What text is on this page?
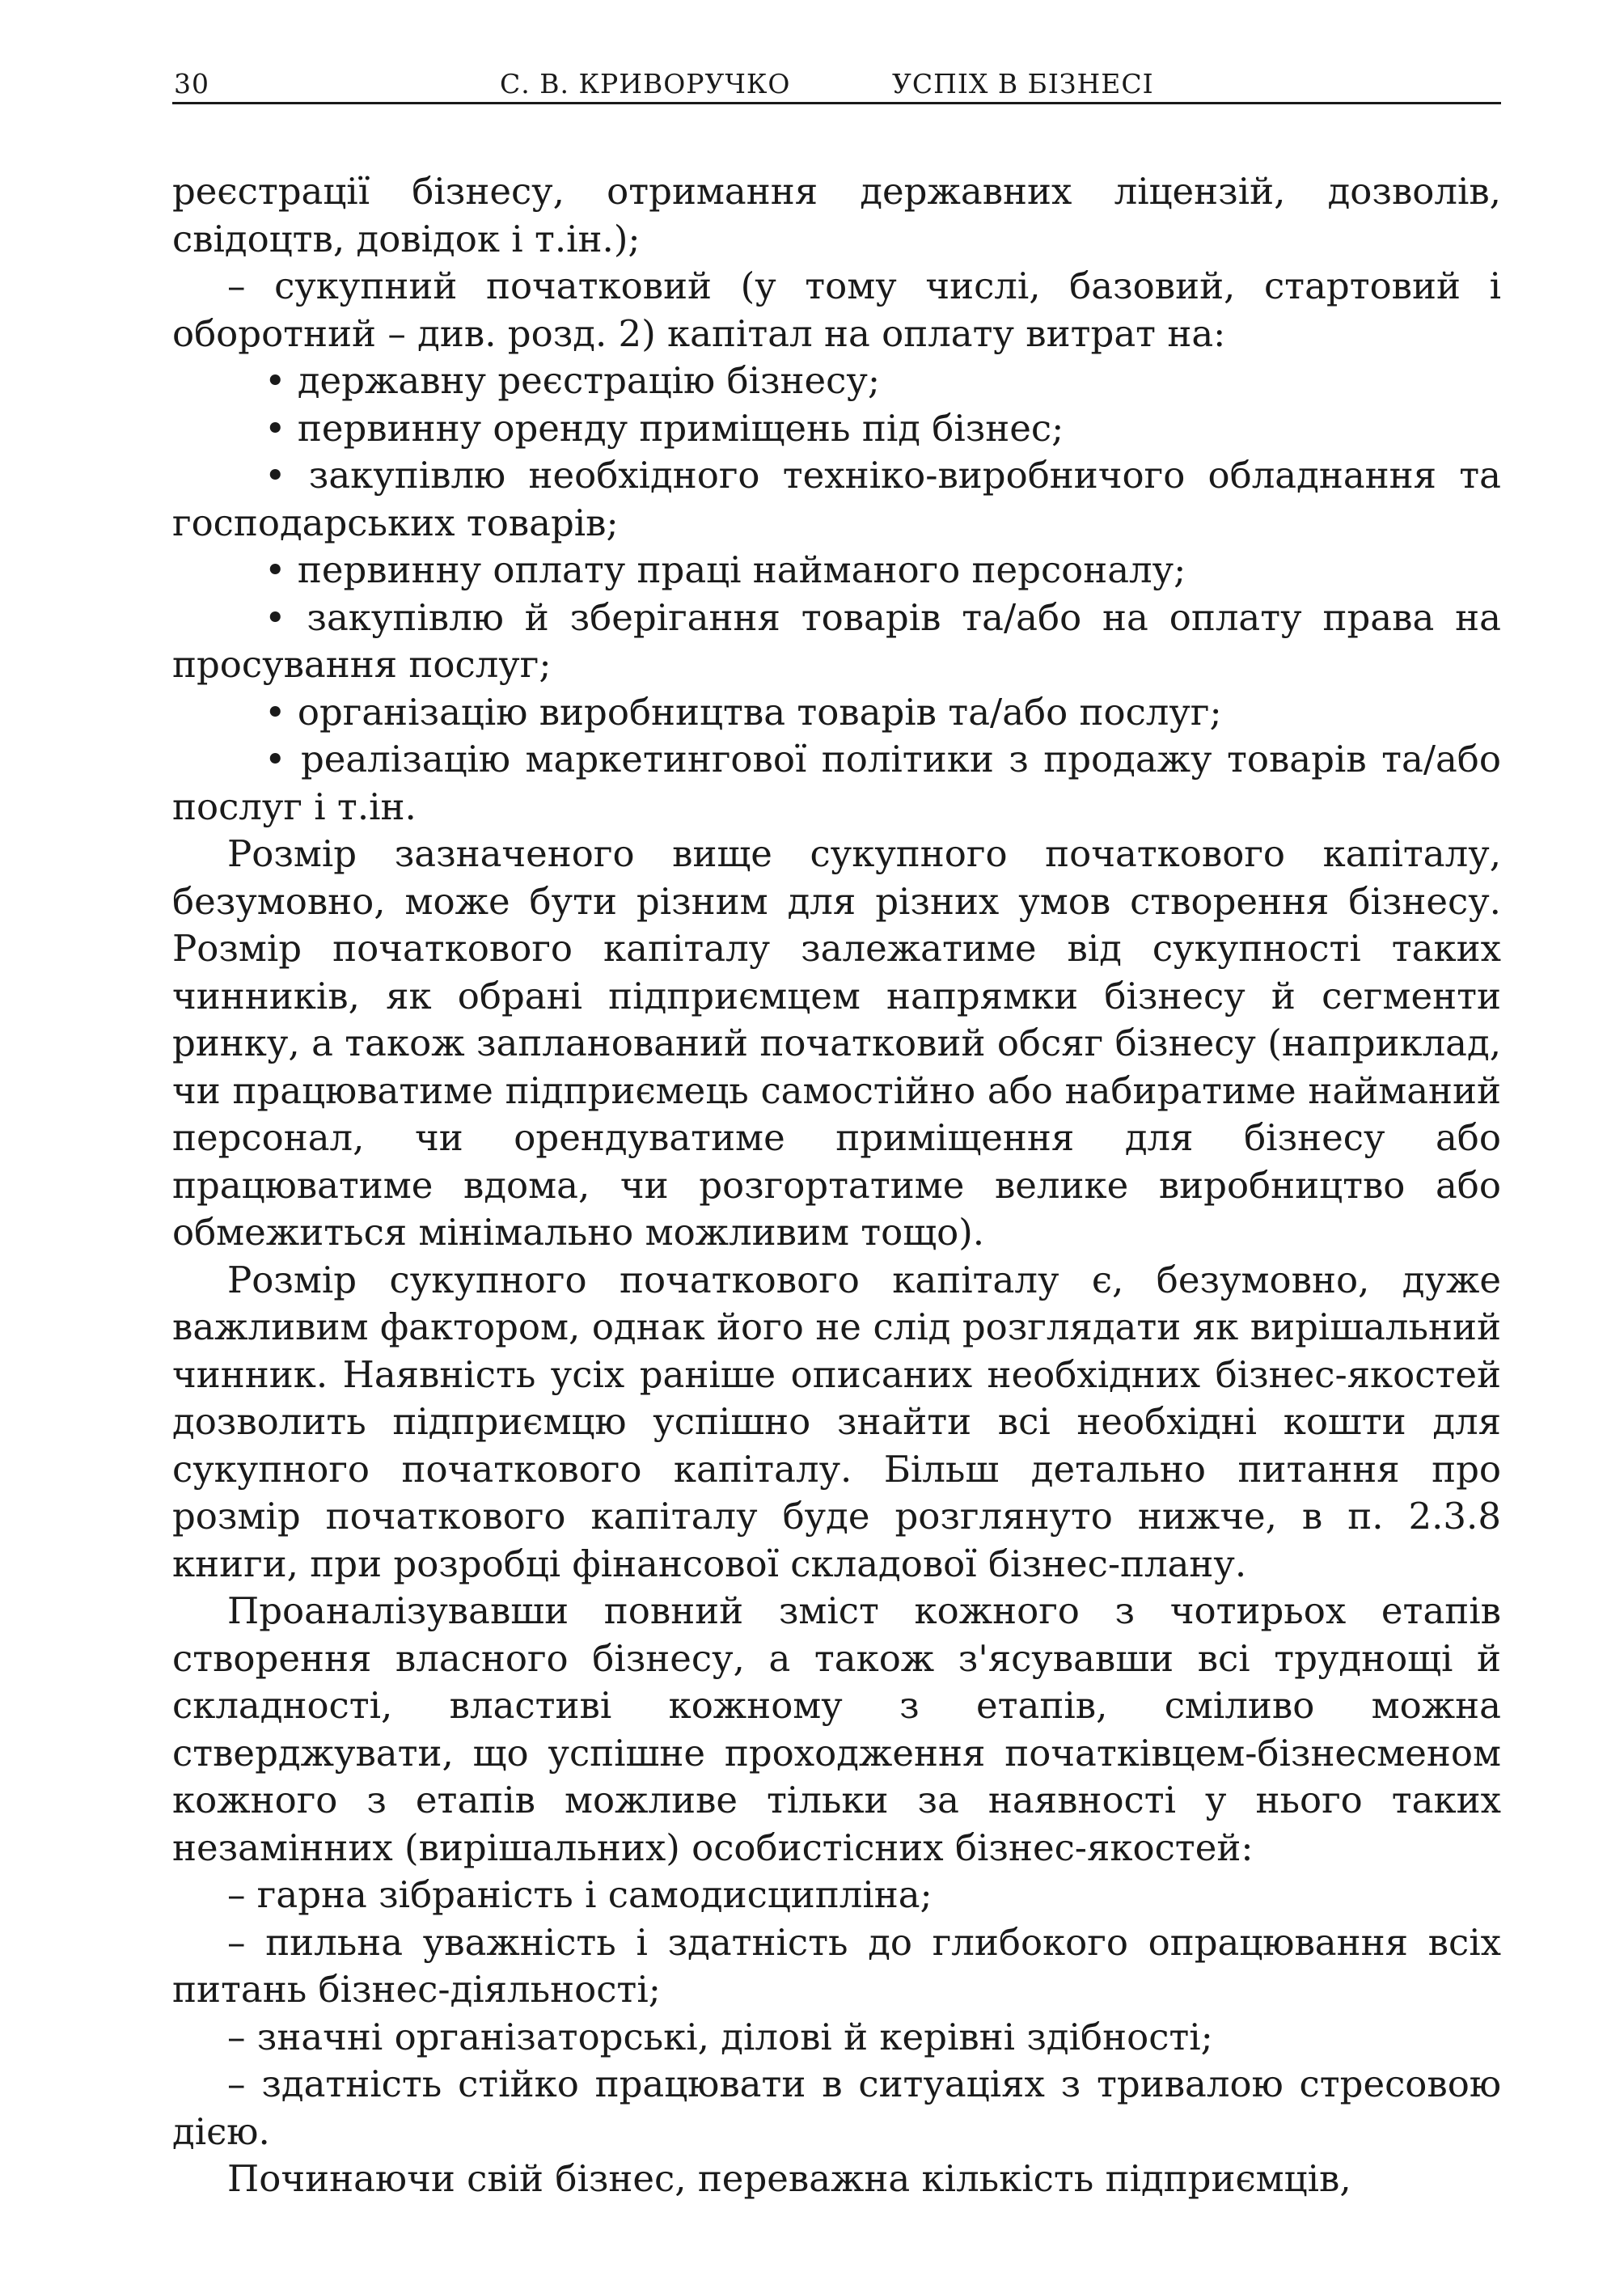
30	С. В. КРИВОРУЧКО	УСПІХ В БІЗНЕСІ

реєстрації бізнесу, отримання державних ліцензій, дозволів, свідоцтв, довідок і т.ін.);

– сукупний початковий (у тому числі, базовий, стартовий і оборотний – див. розд. 2) капітал на оплату витрат на:

• державну реєстрацію бізнесу;

• первинну оренду приміщень під бізнес;

• закупівлю необхідного техніко-виробничого обладнання та господарських товарів;

• первинну оплату праці найманого персоналу;

• закупівлю й зберігання товарів та/або на оплату права на просування послуг;

• організацію виробництва товарів та/або послуг;

• реалізацію маркетингової політики з продажу товарів та/або послуг і т.ін.

Розмір зазначеного вище сукупного початкового капіталу, безумовно, може бути різним для різних умов створення бізнесу. Розмір початкового капіталу залежатиме від сукупності таких чинників, як обрані підприємцем напрямки бізнесу й сегменти ринку, а також запланований початковий обсяг бізнесу (наприклад, чи працюватиме підприємець самостійно або набиратиме найманий персонал, чи орендуватиме приміщення для бізнесу або працюватиме вдома, чи розгортатиме велике виробництво або обмежиться мінімально можливим тощо).

Розмір сукупного початкового капіталу є, безумовно, дуже важливим фактором, однак його не слід розглядати як вирішальний чинник. Наявність усіх раніше описаних необхідних бізнес-якостей дозволить підприємцю успішно знайти всі необхідні кошти для сукупного початкового капіталу. Більш детально питання про розмір початкового капіталу буде розглянуто нижче, в п. 2.3.8 книги, при розробці фінансової складової бізнес-плану.

Проаналізувавши повний зміст кожного з чотирьох етапів створення власного бізнесу, а також з'ясувавши всі труднощі й складності, властиві кожному з етапів, сміливо можна стверджувати, що успішне проходження початківцем-бізнесменом кожного з етапів можливе тільки за наявності у нього таких незамінних (вирішальних) особистісних бізнес-якостей:

– гарна зібраність і самодисципліна;

– пильна уважність і здатність до глибокого опрацювання всіх питань бізнес-діяльності;

– значні організаторські, ділові й керівні здібності;

– здатність стійко працювати в ситуаціях з тривалою стресовою дією.

Починаючи свій бізнес, переважна кількість підприємців,
